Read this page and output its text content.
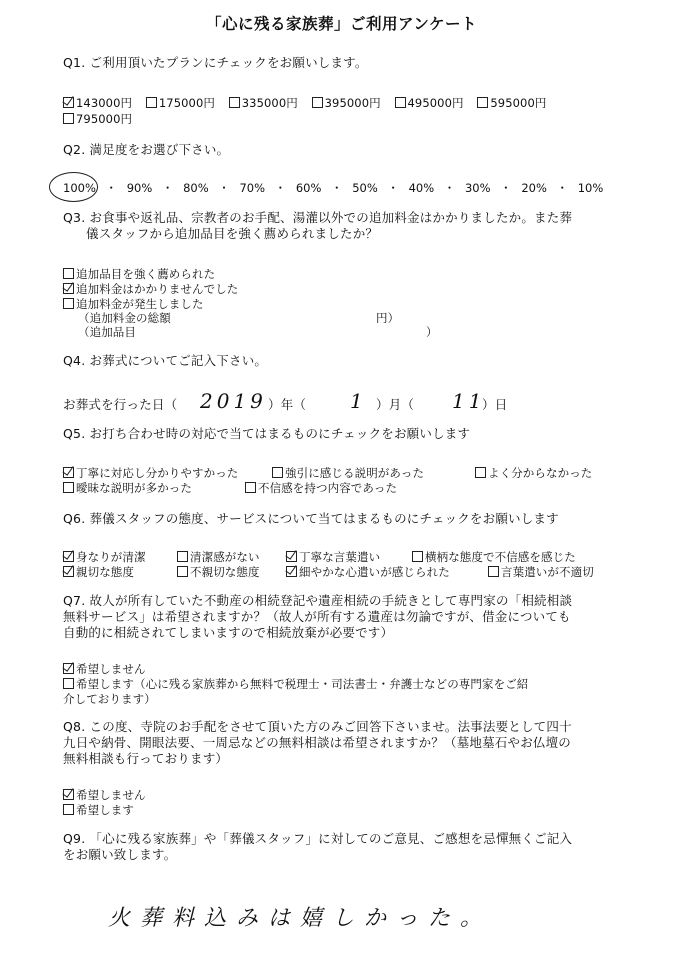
「心に残る家族葬」ご利用アンケート
Q1. ご利用頂いたプランにチェックをお願いします。
143000円 175000円 335000円 395000円 495000円 595000円
795000円
Q2. 満足度をお選び下さい。
100% ・ 90% ・ 80% ・ 70% ・ 60% ・ 50% ・ 40% ・ 30% ・ 20% ・ 10%
Q3. お食事や返礼品、宗教者のお手配、湯灌以外での追加料金はかかりましたか。また葬
儀スタッフから追加品目を強く薦められましたか？
追加品目を強く薦められた
追加料金はかかりませんでした
追加料金が発生しました
（追加料金の総額	円）
（追加品目	）
Q4. お葬式についてご記入下さい。
お葬式を行った日（ 2019 ）年（ 1 ）月（ 11
）日
Q5. お打ち合わせ時の対応で当てはまるものにチェックをお願いします
丁寧に対応し分かりやすかった	強引に感じる説明があった	よく分からなかった
曖昧な説明が多かった	不信感を持つ内容であった
Q6. 葬儀スタッフの態度、サービスについて当てはまるものにチェックをお願いします
身なりが清潔	清潔感がない	丁寧な言葉遣い	横柄な態度で不信感を感じた
親切な態度	不親切な態度	細やかな心遣いが感じられた	言葉遣いが不適切
Q7. 故人が所有していた不動産の相続登記や遺産相続の手続きとして専門家の「相続相談
無料サービス」は希望されますか？（故人が所有する遺産は勿論ですが、借金についても
自動的に相続されてしまいますので相続放棄が必要です）
希望しません
希望します（心に残る家族葬から無料で税理士・司法書士・弁護士などの専門家をご紹
介しております）
Q8. この度、寺院のお手配をさせて頂いた方のみご回答下さいませ。法事法要として四十
九日や納骨、開眼法要、一周忌などの無料相談は希望されますか？（墓地墓石やお仏壇の
無料相談も行っております）
希望しません
希望します
Q9. 「心に残る家族葬」や「葬儀スタッフ」に対してのご意見、ご感想を忌憚無くご記入
をお願い致します。
火葬料込みは嬉しかった。
